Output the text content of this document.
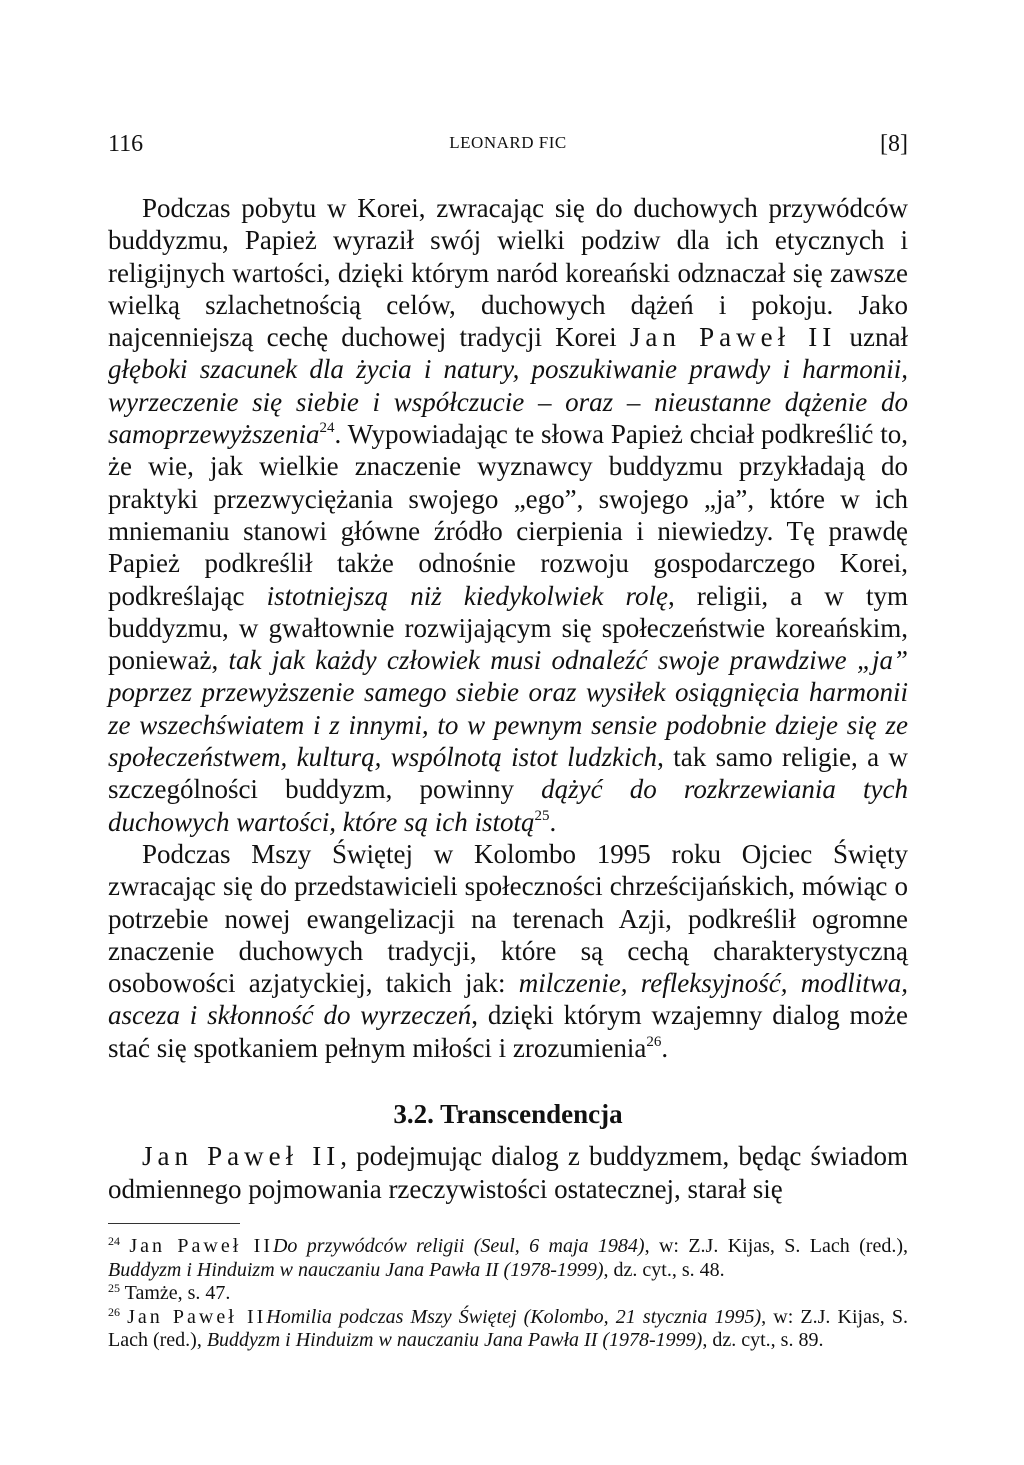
116	LEONARD FIC	[8]

Podczas pobytu w Korei, zwracając się do duchowych przywódców buddyzmu, Papież wyraził swój wielki podziw dla ich etycznych i religijnych wartości, dzięki którym naród koreański odznaczał się zawsze wielką szlachetnością celów, duchowych dążeń i pokoju. Jako najcenniejszą cechę duchowej tradycji Korei Jan Paweł II uznał głęboki szacunek dla życia i natury, poszukiwanie prawdy i harmonii, wyrzeczenie się siebie i współczucie – oraz – nieustanne dążenie do samoprzewyższenia$^{24}$. Wypowiadając te słowa Papież chciał podkreślić to, że wie, jak wielkie znaczenie wyznawcy buddyzmu przykładają do praktyki przezwyciężania swojego „ego”, swojego „ja”, które w ich mniemaniu stanowi główne źródło cierpienia i niewiedzy. Tę prawdę Papież podkreślił także odnośnie rozwoju gospodarczego Korei, podkreślając istotniejszą niż kiedykolwiek rolę, religii, a w tym buddyzmu, w gwałtownie rozwijającym się społeczeństwie koreańskim, ponieważ, tak jak każdy człowiek musi odnaleźć swoje prawdziwe „ja” poprzez przewyższenie samego siebie oraz wysiłek osiągnięcia harmonii ze wszechświatem i z innymi, to w pewnym sensie podobnie dzieje się ze społeczeństwem, kulturą, wspólnotą istot ludzkich, tak samo religie, a w szczególności buddyzm, powinny dążyć do rozkrzewiania tych duchowych wartości, które są ich istotą$^{25}$.

Podczas Mszy Świętej w Kolombo 1995 roku Ojciec Święty zwracając się do przedstawicieli społeczności chrześcijańskich, mówiąc o potrzebie nowej ewangelizacji na terenach Azji, podkreślił ogromne znaczenie duchowych tradycji, które są cechą charakterystyczną osobowości azjatyckiej, takich jak: milczenie, refleksyjność, modlitwa, asceza i skłonność do wyrzeczeń, dzięki którym wzajemny dialog może stać się spotkaniem pełnym miłości i zrozumienia$^{26}$.

3.2. Transcendencja

Jan Paweł II, podejmując dialog z buddyzmem, będąc świadom odmiennego pojmowania rzeczywistości ostatecznej, starał się

$^{24}$ Jan Paweł IIDo przywódców religii (Seul, 6 maja 1984), w: Z.J. Kijas, S. Lach (red.), Buddyzm i Hinduizm w nauczaniu Jana Pawła II (1978-1999), dz. cyt., s. 48.

$^{25}$ Tamże, s. 47.

$^{26}$ Jan Paweł IIHomilia podczas Mszy Świętej (Kolombo, 21 stycznia 1995), w: Z.J. Kijas, S. Lach (red.), Buddyzm i Hinduizm w nauczaniu Jana Pawła II (1978-1999), dz. cyt., s. 89.
